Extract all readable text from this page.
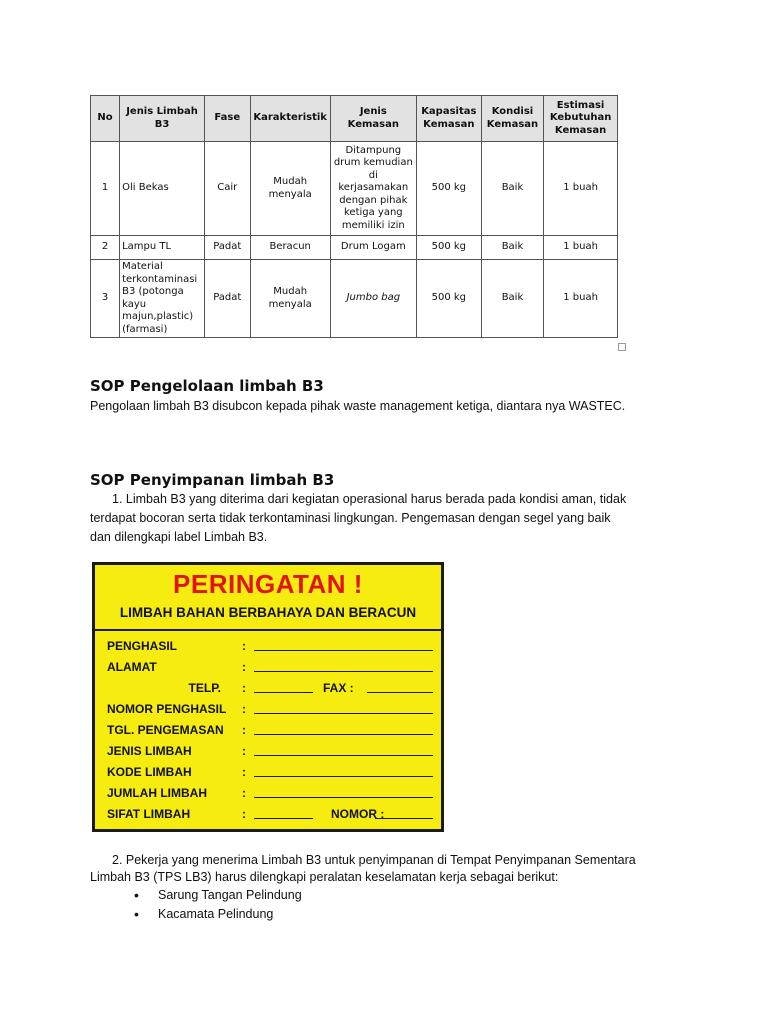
No	Jenis Limbah B3	Fase	Karakteristik	Jenis Kemasan	Kapasitas Kemasan	Kondisi Kemasan	Estimasi Kebutuhan Kemasan
1	Oli Bekas	Cair	Mudah menyala	Ditampung drum kemudian di kerjasamakan dengan pihak ketiga yang memiliki izin	500 kg	Baik	1 buah
2	Lampu TL	Padat	Beracun	Drum Logam	500 kg	Baik	1 buah
3	Material terkontaminasi B3 (potonga kayu majun,plastic) (farmasi)	Padat	Mudah menyala	Jumbo bag	500 kg	Baik	1 buah
SOP Pengelolaan limbah B3

Pengolaan limbah B3 disubcon kepada pihak waste management ketiga, diantara nya WASTEC.

SOP Penyimpanan limbah B3

1. Limbah B3 yang diterima dari kegiatan operasional harus berada pada kondisi aman, tidak

terdapat bocoran serta tidak terkontaminasi lingkungan. Pengemasan dengan segel yang baik

dan dilengkapi label Limbah B3.

PERINGATAN !
LIMBAH BAHAN BERBAHAYA DAN BERACUN
PENGHASIL	:
ALAMAT	:
TELP. :	FAX :
NOMOR PENGHASIL :
TGL. PENGEMASAN :
JENIS LIMBAH	:
KODE LIMBAH	:
JUMLAH LIMBAH	:
SIFAT LIMBAH	:	NOMOR :

2. Pekerja yang menerima Limbah B3 untuk penyimpanan di Tempat Penyimpanan Sementara

Limbah B3 (TPS LB3) harus dilengkapi peralatan keselamatan kerja sebagai berikut:

• Sarung Tangan Pelindung
• Kacamata Pelindung
